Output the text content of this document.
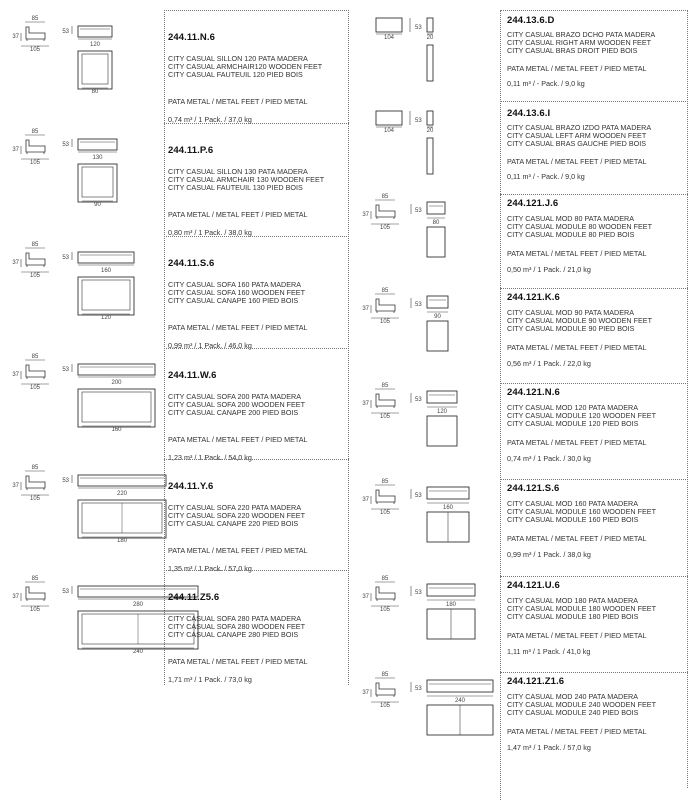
85
37
105
53
120
80
244.11.N.6
CITY CASUAL SILLON 120 PATA MADERA
CITY CASUAL ARMCHAIR120 WOODEN FEET
CITY CASUAL FAUTEUIL 120 PIED BOIS
PATA METAL / METAL FEET / PIED METAL
0,74 m³ / 1 Pack. / 37,0 kg
85
37
105
53
130
90
244.11.P.6
CITY CASUAL SILLON 130 PATA MADERA
CITY CASUAL ARMCHAIR 130 WOODEN FEET
CITY CASUAL FAUTEUIL 130 PIED BOIS
PATA METAL / METAL FEET / PIED METAL
0,80 m³ / 1 Pack. / 38,0 kg
85
37
105
53
160
120
244.11.S.6
CITY CASUAL SOFA 160 PATA MADERA
CITY CASUAL SOFA 160 WOODEN FEET
CITY CASUAL CANAPE 160 PIED BOIS
PATA METAL / METAL FEET / PIED METAL
0,99 m³ / 1 Pack. / 46,0 kg
85
37
105
53
200
160
244.11.W.6
CITY CASUAL SOFA 200 PATA MADERA
CITY CASUAL SOFA 200 WOODEN FEET
CITY CASUAL CANAPE 200 PIED BOIS
PATA METAL / METAL FEET / PIED METAL
1,23 m³ / 1 Pack. / 54,0 kg
85
37
105
53
220
180
244.11.Y.6
CITY CASUAL SOFA 220 PATA MADERA
CITY CASUAL SOFA 220 WOODEN FEET
CITY CASUAL CANAPE 220 PIED BOIS
PATA METAL / METAL FEET / PIED METAL
1,35 m³ / 1 Pack. / 57,0 kg
85
37
105
53
280
240
244.11.Z5.6
CITY CASUAL SOFA 280 PATA MADERA
CITY CASUAL SOFA 280 WOODEN FEET
CITY CASUAL CANAPE 280 PIED BOIS
PATA METAL / METAL FEET / PIED METAL
1,71 m³ / 1 Pack. / 73,0 kg
104
53
20
244.13.6.D
CITY CASUAL BRAZO DCHO PATA MADERA
CITY CASUAL RIGHT ARM WOODEN FEET
CITY CASUAL BRAS DROIT PIED BOIS
PATA METAL / METAL FEET / PIED METAL
0,11 m³ / - Pack. / 9,0 kg
104
53
20
244.13.6.I
CITY CASUAL BRAZO IZDO PATA MADERA
CITY CASUAL LEFT ARM WOODEN FEET
CITY CASUAL BRAS GAUCHE PIED BOIS
PATA METAL / METAL FEET / PIED METAL
0,11 m³ / - Pack. / 9,0 kg
85
37
105
53
80
244.121.J.6
CITY CASUAL MOD 80 PATA MADERA
CITY CASUAL MODULE 80 WOODEN FEET
CITY CASUAL MODULE 80 PIED BOIS
PATA METAL / METAL FEET / PIED METAL
0,50 m³ / 1 Pack. / 21,0 kg
85
37
105
53
90
244.121.K.6
CITY CASUAL MOD 90 PATA MADERA
CITY CASUAL MODULE 90 WOODEN FEET
CITY CASUAL MODULE 90 PIED BOIS
PATA METAL / METAL FEET / PIED METAL
0,56 m³ / 1 Pack. / 22,0 kg
85
37
105
53
120
244.121.N.6
CITY CASUAL MOD 120 PATA MADERA
CITY CASUAL MODULE 120 WOODEN FEET
CITY CASUAL MODULE 120 PIED BOIS
PATA METAL / METAL FEET / PIED METAL
0,74 m³ / 1 Pack. / 30,0 kg
85
37
105
53
160
244.121.S.6
CITY CASUAL MOD 160 PATA MADERA
CITY CASUAL MODULE 160 WOODEN FEET
CITY CASUAL MODULE 160 PIED BOIS
PATA METAL / METAL FEET / PIED METAL
0,99 m³ / 1 Pack. / 38,0 kg
85
37
105
53
180
244.121.U.6
CITY CASUAL MOD 180 PATA MADERA
CITY CASUAL MODULE 180 WOODEN FEET
CITY CASUAL MODULE 180 PIED BOIS
PATA METAL / METAL FEET / PIED METAL
1,11 m³ / 1 Pack. / 41,0 kg
85
37
105
53
240
244.121.Z1.6
CITY CASUAL MOD 240 PATA MADERA
CITY CASUAL MODULE 240 WOODEN FEET
CITY CASUAL MODULE 240 PIED BOIS
PATA METAL / METAL FEET / PIED METAL
1,47 m³ / 1 Pack. / 57,0 kg
